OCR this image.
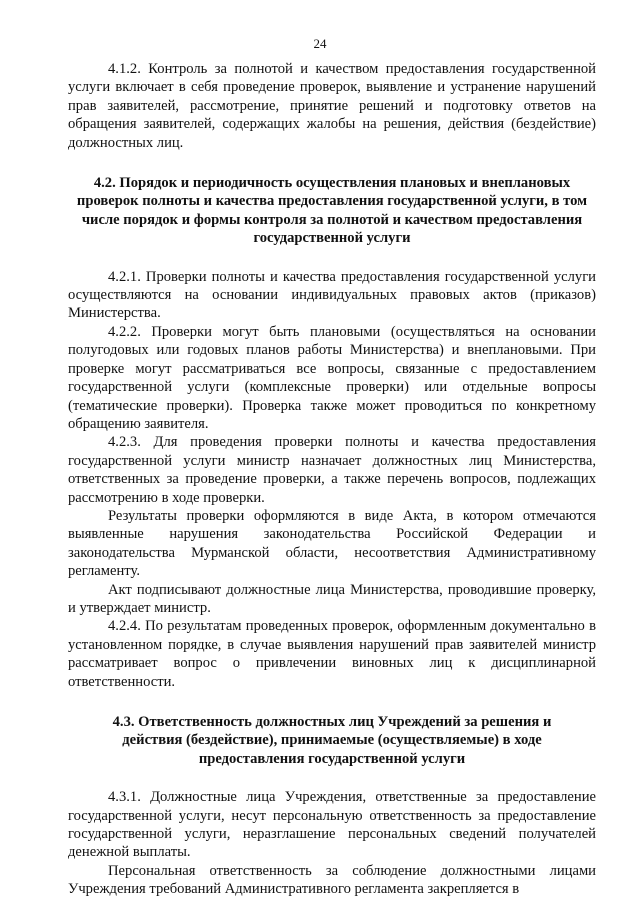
24

4.1.2. Контроль за полнотой и качеством предоставления государственной услуги включает в себя проведение проверок, выявление и устранение нарушений прав заявителей, рассмотрение, принятие решений и подготовку ответов на обращения заявителей, содержащих жалобы на решения, действия (бездействие) должностных лиц.

4.2. Порядок и периодичность осуществления плановых и внеплановых проверок полноты и качества предоставления государственной услуги, в том числе порядок и формы контроля за полнотой и качеством предоставления государственной услуги

4.2.1. Проверки полноты и качества предоставления государственной услуги осуществляются на основании индивидуальных правовых актов (приказов) Министерства.

4.2.2. Проверки могут быть плановыми (осуществляться на основании полугодовых или годовых планов работы Министерства) и внеплановыми. При проверке могут рассматриваться все вопросы, связанные с предоставлением государственной услуги (комплексные проверки) или отдельные вопросы (тематические проверки). Проверка также может проводиться по конкретному обращению заявителя.

4.2.3. Для проведения проверки полноты и качества предоставления государственной услуги министр назначает должностных лиц Министерства, ответственных за проведение проверки, а также перечень вопросов, подлежащих рассмотрению в ходе проверки.

Результаты проверки оформляются в виде Акта, в котором отмечаются выявленные нарушения законодательства Российской Федерации и законодательства Мурманской области, несоответствия Административному регламенту.

Акт подписывают должностные лица Министерства, проводившие проверку, и утверждает министр.

4.2.4. По результатам проведенных проверок, оформленным документально в установленном порядке, в случае выявления нарушений прав заявителей министр рассматривает вопрос о привлечении виновных лиц к дисциплинарной ответственности.

4.3. Ответственность должностных лиц Учреждений за решения и действия (бездействие), принимаемые (осуществляемые) в ходе предоставления государственной услуги

4.3.1. Должностные лица Учреждения, ответственные за предоставление государственной услуги, несут персональную ответственность за предоставление государственной услуги, неразглашение персональных сведений получателей денежной выплаты.

Персональная ответственность за соблюдение должностными лицами Учреждения требований Административного регламента закрепляется в
